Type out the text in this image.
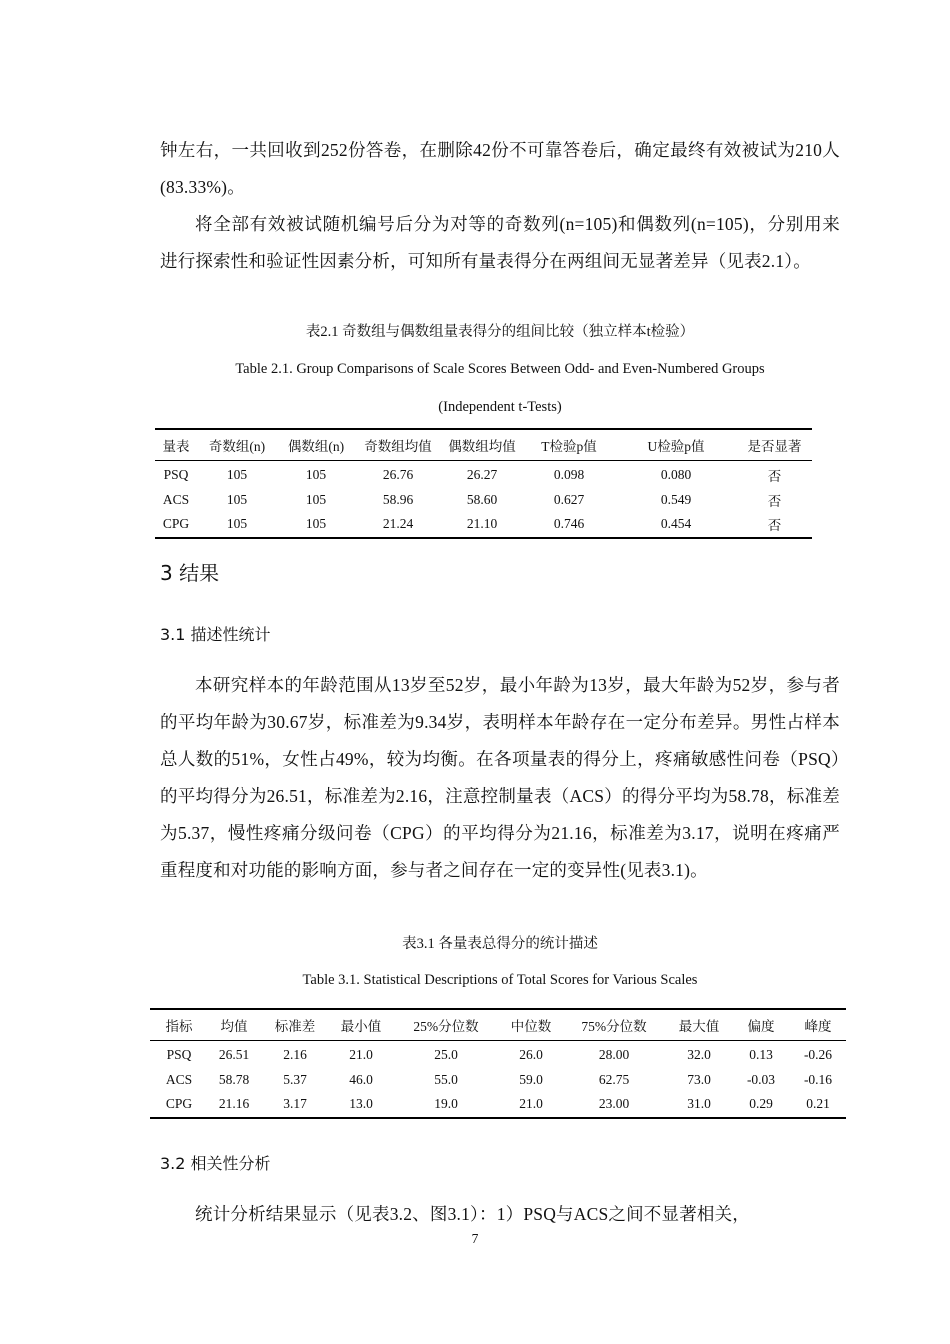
钟左右，一共回收到252份答卷，在删除42份不可靠答卷后，确定最终有效被试为210人(83.33%)。
将全部有效被试随机编号后分为对等的奇数列(n=105)和偶数列(n=105)，分别用来进行探索性和验证性因素分析，可知所有量表得分在两组间无显著差异（见表2.1）。
表2.1 奇数组与偶数组量表得分的组间比较（独立样本t检验）
Table 2.1. Group Comparisons of Scale Scores Between Odd- and Even-Numbered Groups
(Independent t-Tests)
量表	奇数组(n)	偶数组(n)	奇数组均值	偶数组均值	T检验p值	U检验p值	是否显著
PSQ	105	105	26.76	26.27	0.098	0.080	否
ACS	105	105	58.96	58.60	0.627	0.549	否
CPG	105	105	21.24	21.10	0.746	0.454	否
3 结果
3.1 描述性统计
本研究样本的年龄范围从13岁至52岁，最小年龄为13岁，最大年龄为52岁，参与者的平均年龄为30.67岁，标准差为9.34岁，表明样本年龄存在一定分布差异。男性占样本总人数的51%，女性占49%，较为均衡。在各项量表的得分上，疼痛敏感性问卷（PSQ）的平均得分为26.51，标准差为2.16，注意控制量表（ACS）的得分平均为58.78，标准差为5.37，慢性疼痛分级问卷（CPG）的平均得分为21.16，标准差为3.17，说明在疼痛严重程度和对功能的影响方面，参与者之间存在一定的变异性(见表3.1)。
表3.1 各量表总得分的统计描述
Table 3.1. Statistical Descriptions of Total Scores for Various Scales
指标	均值	标准差	最小值	25%分位数	中位数	75%分位数	最大值	偏度	峰度
PSQ	26.51	2.16	21.0	25.0	26.0	28.00	32.0	0.13	-0.26
ACS	58.78	5.37	46.0	55.0	59.0	62.75	73.0	-0.03	-0.16
CPG	21.16	3.17	13.0	19.0	21.0	23.00	31.0	0.29	0.21
3.2 相关性分析
统计分析结果显示（见表3.2、图3.1）：1）PSQ与ACS之间不显著相关，
7
